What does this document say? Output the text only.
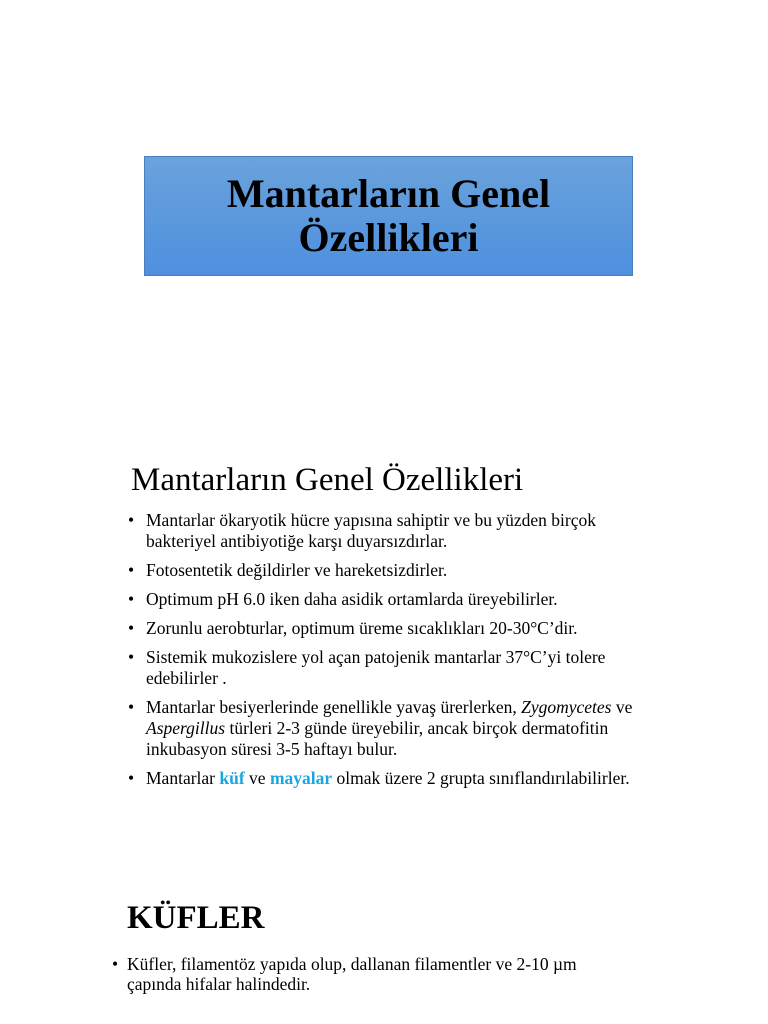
Mantarların Genel
Özellikleri
Mantarların Genel Özellikleri
• Mantarlar ökaryotik hücre yapısına sahiptir ve bu yüzden birçok bakteriyel antibiyotiğe karşı duyarsızdırlar.
• Fotosentetik değildirler ve hareketsizdirler.
• Optimum pH 6.0 iken daha asidik ortamlarda üreyebilirler.
• Zorunlu aerobturlar, optimum üreme sıcaklıkları 20-30°C’dir.
• Sistemik mukozislere yol açan patojenik mantarlar 37°C’yi tolere edebilirler .
• Mantarlar besiyerlerinde genellikle yavaş ürerlerken, Zygomycetes ve Aspergillus türleri 2-3 günde üreyebilir, ancak birçok dermatofitin inkubasyon süresi 3-5 haftayı bulur.
• Mantarlar küf ve mayalar olmak üzere 2 grupta sınıflandırılabilirler.
KÜFLER
• Küfler, filamentöz yapıda olup, dallanan filamentler ve 2-10 µm çapında hifalar halindedir.
